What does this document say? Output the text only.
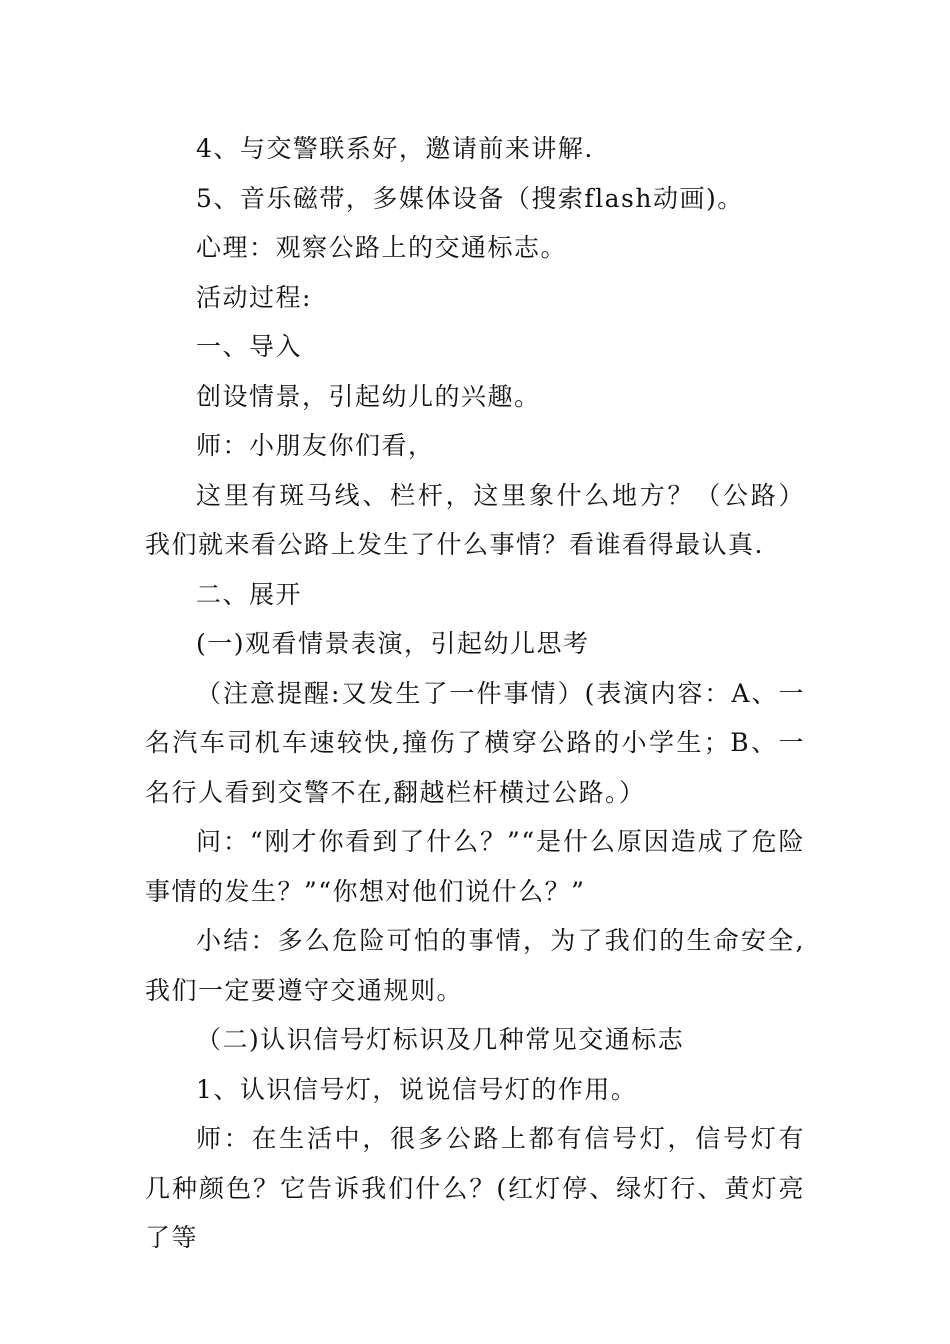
4、与交警联系好，邀请前来讲解.

5、音乐磁带，多媒体设备（搜索flash动画)。

心理：观察公路上的交通标志。

活动过程:

一、导入

创设情景，引起幼儿的兴趣。

师：小朋友你们看，

这里有斑马线、栏杆，这里象什么地方？（公路）我们就来看公路上发生了什么事情？看谁看得最认真.

二、展开

(一)观看情景表演，引起幼儿思考

（注意提醒:又发生了一件事情）(表演内容：A、一名汽车司机车速较快,撞伤了横穿公路的小学生；B、一名行人看到交警不在,翻越栏杆横过公路。）

问：“刚才你看到了什么？”“是什么原因造成了危险事情的发生？”“你想对他们说什么？”

小结：多么危险可怕的事情，为了我们的生命安全,我们一定要遵守交通规则。

（二)认识信号灯标识及几种常见交通标志

1、认识信号灯，说说信号灯的作用。

师：在生活中，很多公路上都有信号灯，信号灯有几种颜色？它告诉我们什么？(红灯停、绿灯行、黄灯亮了等
